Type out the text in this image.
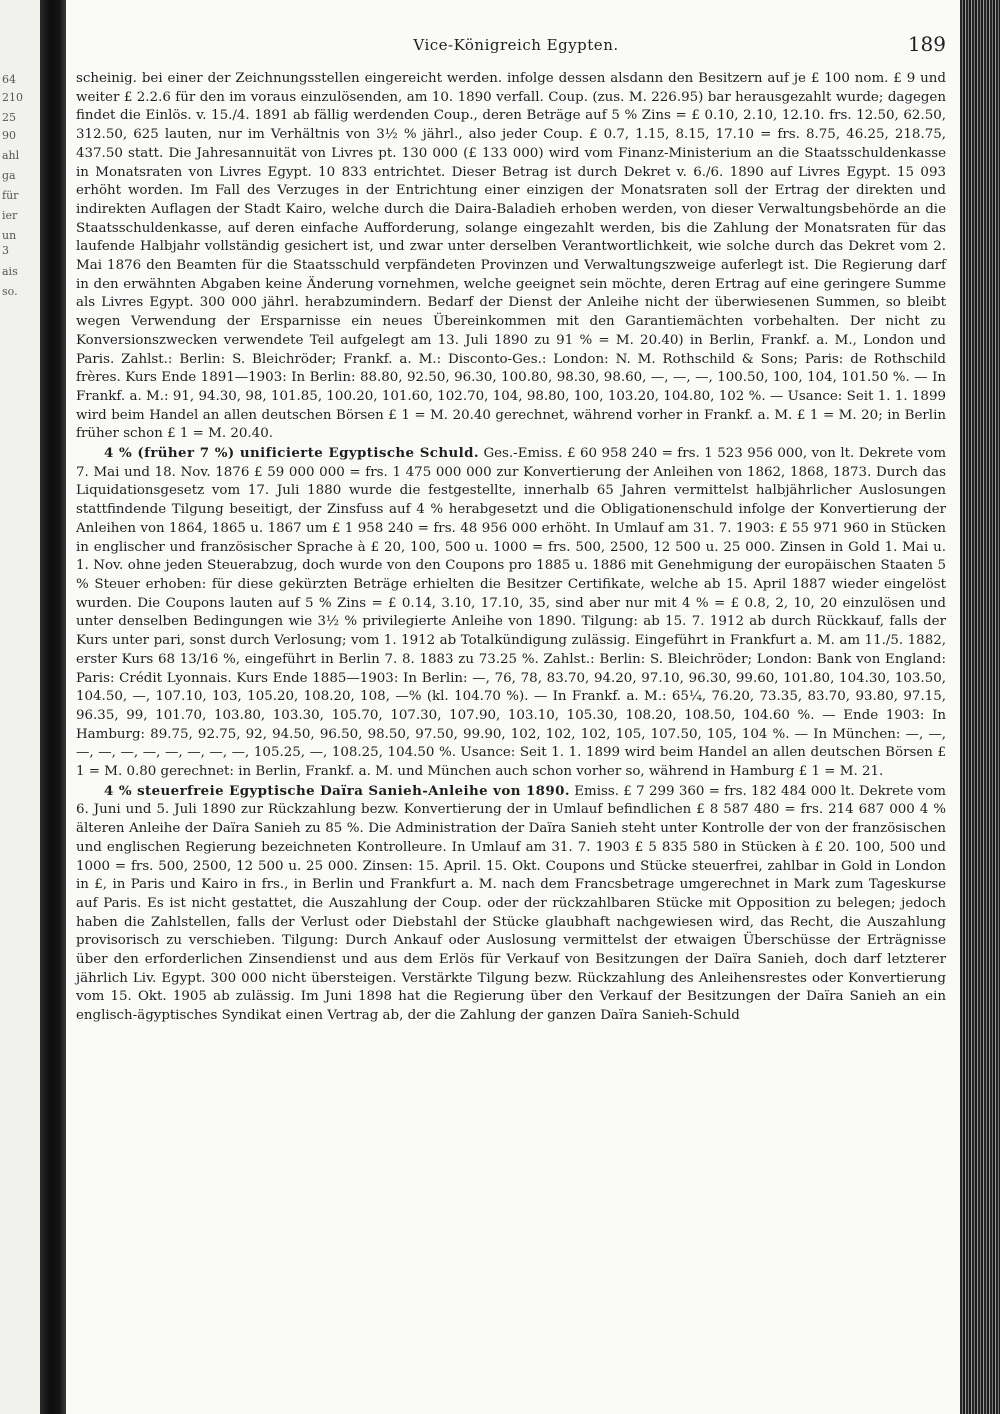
64
210
25
90
ahl
ga
für
ier
un
3
ais
so.
Vice-Königreich Egypten.	189

scheinig. bei einer der Zeichnungsstellen eingereicht werden. infolge dessen alsdann den Besitzern auf je £ 100 nom. £ 9 und weiter £ 2.2.6 für den im voraus einzulösenden, am 10. 1890 verfall. Coup. (zus. M. 226.95) bar herausgezahlt wurde; dagegen findet die Einlös. v. 15./4. 1891 ab fällig werdenden Coup., deren Beträge auf 5 % Zins = £ 0.10, 2.10, 12.10. frs. 12.50, 62.50, 312.50, 625 lauten, nur im Verhältnis von 3½ % jährl., also jeder Coup. £ 0.7, 1.15, 8.15, 17.10 = frs. 8.75, 46.25, 218.75, 437.50 statt. Die Jahresannuität von Livres pt. 130 000 (£ 133 000) wird vom Finanz-Ministerium an die Staatsschuldenkasse in Monatsraten von Livres Egypt. 10 833 entrichtet. Dieser Betrag ist durch Dekret v. 6./6. 1890 auf Livres Egypt. 15 093 erhöht worden. Im Fall des Verzuges in der Entrichtung einer einzigen der Monatsraten soll der Ertrag der direkten und indirekten Auflagen der Stadt Kairo, welche durch die Daira-Baladieh erhoben werden, von dieser Verwaltungsbehörde an die Staatsschuldenkasse, auf deren einfache Aufforderung, solange eingezahlt werden, bis die Zahlung der Monatsraten für das laufende Halbjahr vollständig gesichert ist, und zwar unter derselben Verantwortlichkeit, wie solche durch das Dekret vom 2. Mai 1876 den Beamten für die Staatsschuld verpfändeten Provinzen und Verwaltungszweige auferlegt ist. Die Regierung darf in den erwähnten Abgaben keine Änderung vornehmen, welche geeignet sein möchte, deren Ertrag auf eine geringere Summe als Livres Egypt. 300 000 jährl. herabzumindern. Bedarf der Dienst der Anleihe nicht der überwiesenen Summen, so bleibt wegen Verwendung der Ersparnisse ein neues Übereinkommen mit den Garantiemächten vorbehalten. Der nicht zu Konversionszwecken verwendete Teil aufgelegt am 13. Juli 1890 zu 91 % = M. 20.40) in Berlin, Frankf. a. M., London und Paris. Zahlst.: Berlin: S. Bleichröder; Frankf. a. M.: Disconto-Ges.: London: N. M. Rothschild & Sons; Paris: de Rothschild frères. Kurs Ende 1891—1903: In Berlin: 88.80, 92.50, 96.30, 100.80, 98.30, 98.60, —, —, —, 100.50, 100, 104, 101.50 %. — In Frankf. a. M.: 91, 94.30, 98, 101.85, 100.20, 101.60, 102.70, 104, 98.80, 100, 103.20, 104.80, 102 %. — Usance: Seit 1. 1. 1899 wird beim Handel an allen deutschen Börsen £ 1 = M. 20.40 gerechnet, während vorher in Frankf. a. M. £ 1 = M. 20; in Berlin früher schon £ 1 = M. 20.40.

4 % (früher 7 %) unificierte Egyptische Schuld. Ges.-Emiss. £ 60 958 240 = frs. 1 523 956 000, von lt. Dekrete vom 7. Mai und 18. Nov. 1876 £ 59 000 000 = frs. 1 475 000 000 zur Konvertierung der Anleihen von 1862, 1868, 1873. Durch das Liquidationsgesetz vom 17. Juli 1880 wurde die festgestellte, innerhalb 65 Jahren vermittelst halbjährlicher Auslosungen stattfindende Tilgung beseitigt, der Zinsfuss auf 4 % herabgesetzt und die Obligationenschuld infolge der Konvertierung der Anleihen von 1864, 1865 u. 1867 um £ 1 958 240 = frs. 48 956 000 erhöht. In Umlauf am 31. 7. 1903: £ 55 971 960 in Stücken in englischer und französischer Sprache à £ 20, 100, 500 u. 1000 = frs. 500, 2500, 12 500 u. 25 000. Zinsen in Gold 1. Mai u. 1. Nov. ohne jeden Steuerabzug, doch wurde von den Coupons pro 1885 u. 1886 mit Genehmigung der europäischen Staaten 5 % Steuer erhoben: für diese gekürzten Beträge erhielten die Besitzer Certifikate, welche ab 15. April 1887 wieder eingelöst wurden. Die Coupons lauten auf 5 % Zins = £ 0.14, 3.10, 17.10, 35, sind aber nur mit 4 % = £ 0.8, 2, 10, 20 einzulösen und unter denselben Bedingungen wie 3½ % privilegierte Anleihe von 1890. Tilgung: ab 15. 7. 1912 ab durch Rückkauf, falls der Kurs unter pari, sonst durch Verlosung; vom 1. 1912 ab Totalkündigung zulässig. Eingeführt in Frankfurt a. M. am 11./5. 1882, erster Kurs 68 13/16 %, eingeführt in Berlin 7. 8. 1883 zu 73.25 %. Zahlst.: Berlin: S. Bleichröder; London: Bank von England: Paris: Crédit Lyonnais. Kurs Ende 1885—1903: In Berlin: —, 76, 78, 83.70, 94.20, 97.10, 96.30, 99.60, 101.80, 104.30, 103.50, 104.50, —, 107.10, 103, 105.20, 108.20, 108, —% (kl. 104.70 %). — In Frankf. a. M.: 65¼, 76.20, 73.35, 83.70, 93.80, 97.15, 96.35, 99, 101.70, 103.80, 103.30, 105.70, 107.30, 107.90, 103.10, 105.30, 108.20, 108.50, 104.60 %. — Ende 1903: In Hamburg: 89.75, 92.75, 92, 94.50, 96.50, 98.50, 97.50, 99.90, 102, 102, 102, 105, 107.50, 105, 104 %. — In München: —, —, —, —, —, —, —, —, —, —, 105.25, —, 108.25, 104.50 %. Usance: Seit 1. 1. 1899 wird beim Handel an allen deutschen Börsen £ 1 = M. 0.80 gerechnet: in Berlin, Frankf. a. M. und München auch schon vorher so, während in Hamburg £ 1 = M. 21.

4 % steuerfreie Egyptische Daïra Sanieh-Anleihe von 1890. Emiss. £ 7 299 360 = frs. 182 484 000 lt. Dekrete vom 6. Juni und 5. Juli 1890 zur Rückzahlung bezw. Konvertierung der in Umlauf befindlichen £ 8 587 480 = frs. 214 687 000 4 % älteren Anleihe der Daïra Sanieh zu 85 %. Die Administration der Daïra Sanieh steht unter Kontrolle der von der französischen und englischen Regierung bezeichneten Kontrolleure. In Umlauf am 31. 7. 1903 £ 5 835 580 in Stücken à £ 20. 100, 500 und 1000 = frs. 500, 2500, 12 500 u. 25 000. Zinsen: 15. April. 15. Okt. Coupons und Stücke steuerfrei, zahlbar in Gold in London in £, in Paris und Kairo in frs., in Berlin und Frankfurt a. M. nach dem Francsbetrage umgerechnet in Mark zum Tageskurse auf Paris. Es ist nicht gestattet, die Auszahlung der Coup. oder der rückzahlbaren Stücke mit Opposition zu belegen; jedoch haben die Zahlstellen, falls der Verlust oder Diebstahl der Stücke glaubhaft nachgewiesen wird, das Recht, die Auszahlung provisorisch zu verschieben. Tilgung: Durch Ankauf oder Auslosung vermittelst der etwaigen Überschüsse der Erträgnisse über den erforderlichen Zinsendienst und aus dem Erlös für Verkauf von Besitzungen der Daïra Sanieh, doch darf letzterer jährlich Liv. Egypt. 300 000 nicht übersteigen. Verstärkte Tilgung bezw. Rückzahlung des Anleihensrestes oder Konvertierung vom 15. Okt. 1905 ab zulässig. Im Juni 1898 hat die Regierung über den Verkauf der Besitzungen der Daïra Sanieh an ein englisch-ägyptisches Syndikat einen Vertrag ab, der die Zahlung der ganzen Daïra Sanieh-Schuld
